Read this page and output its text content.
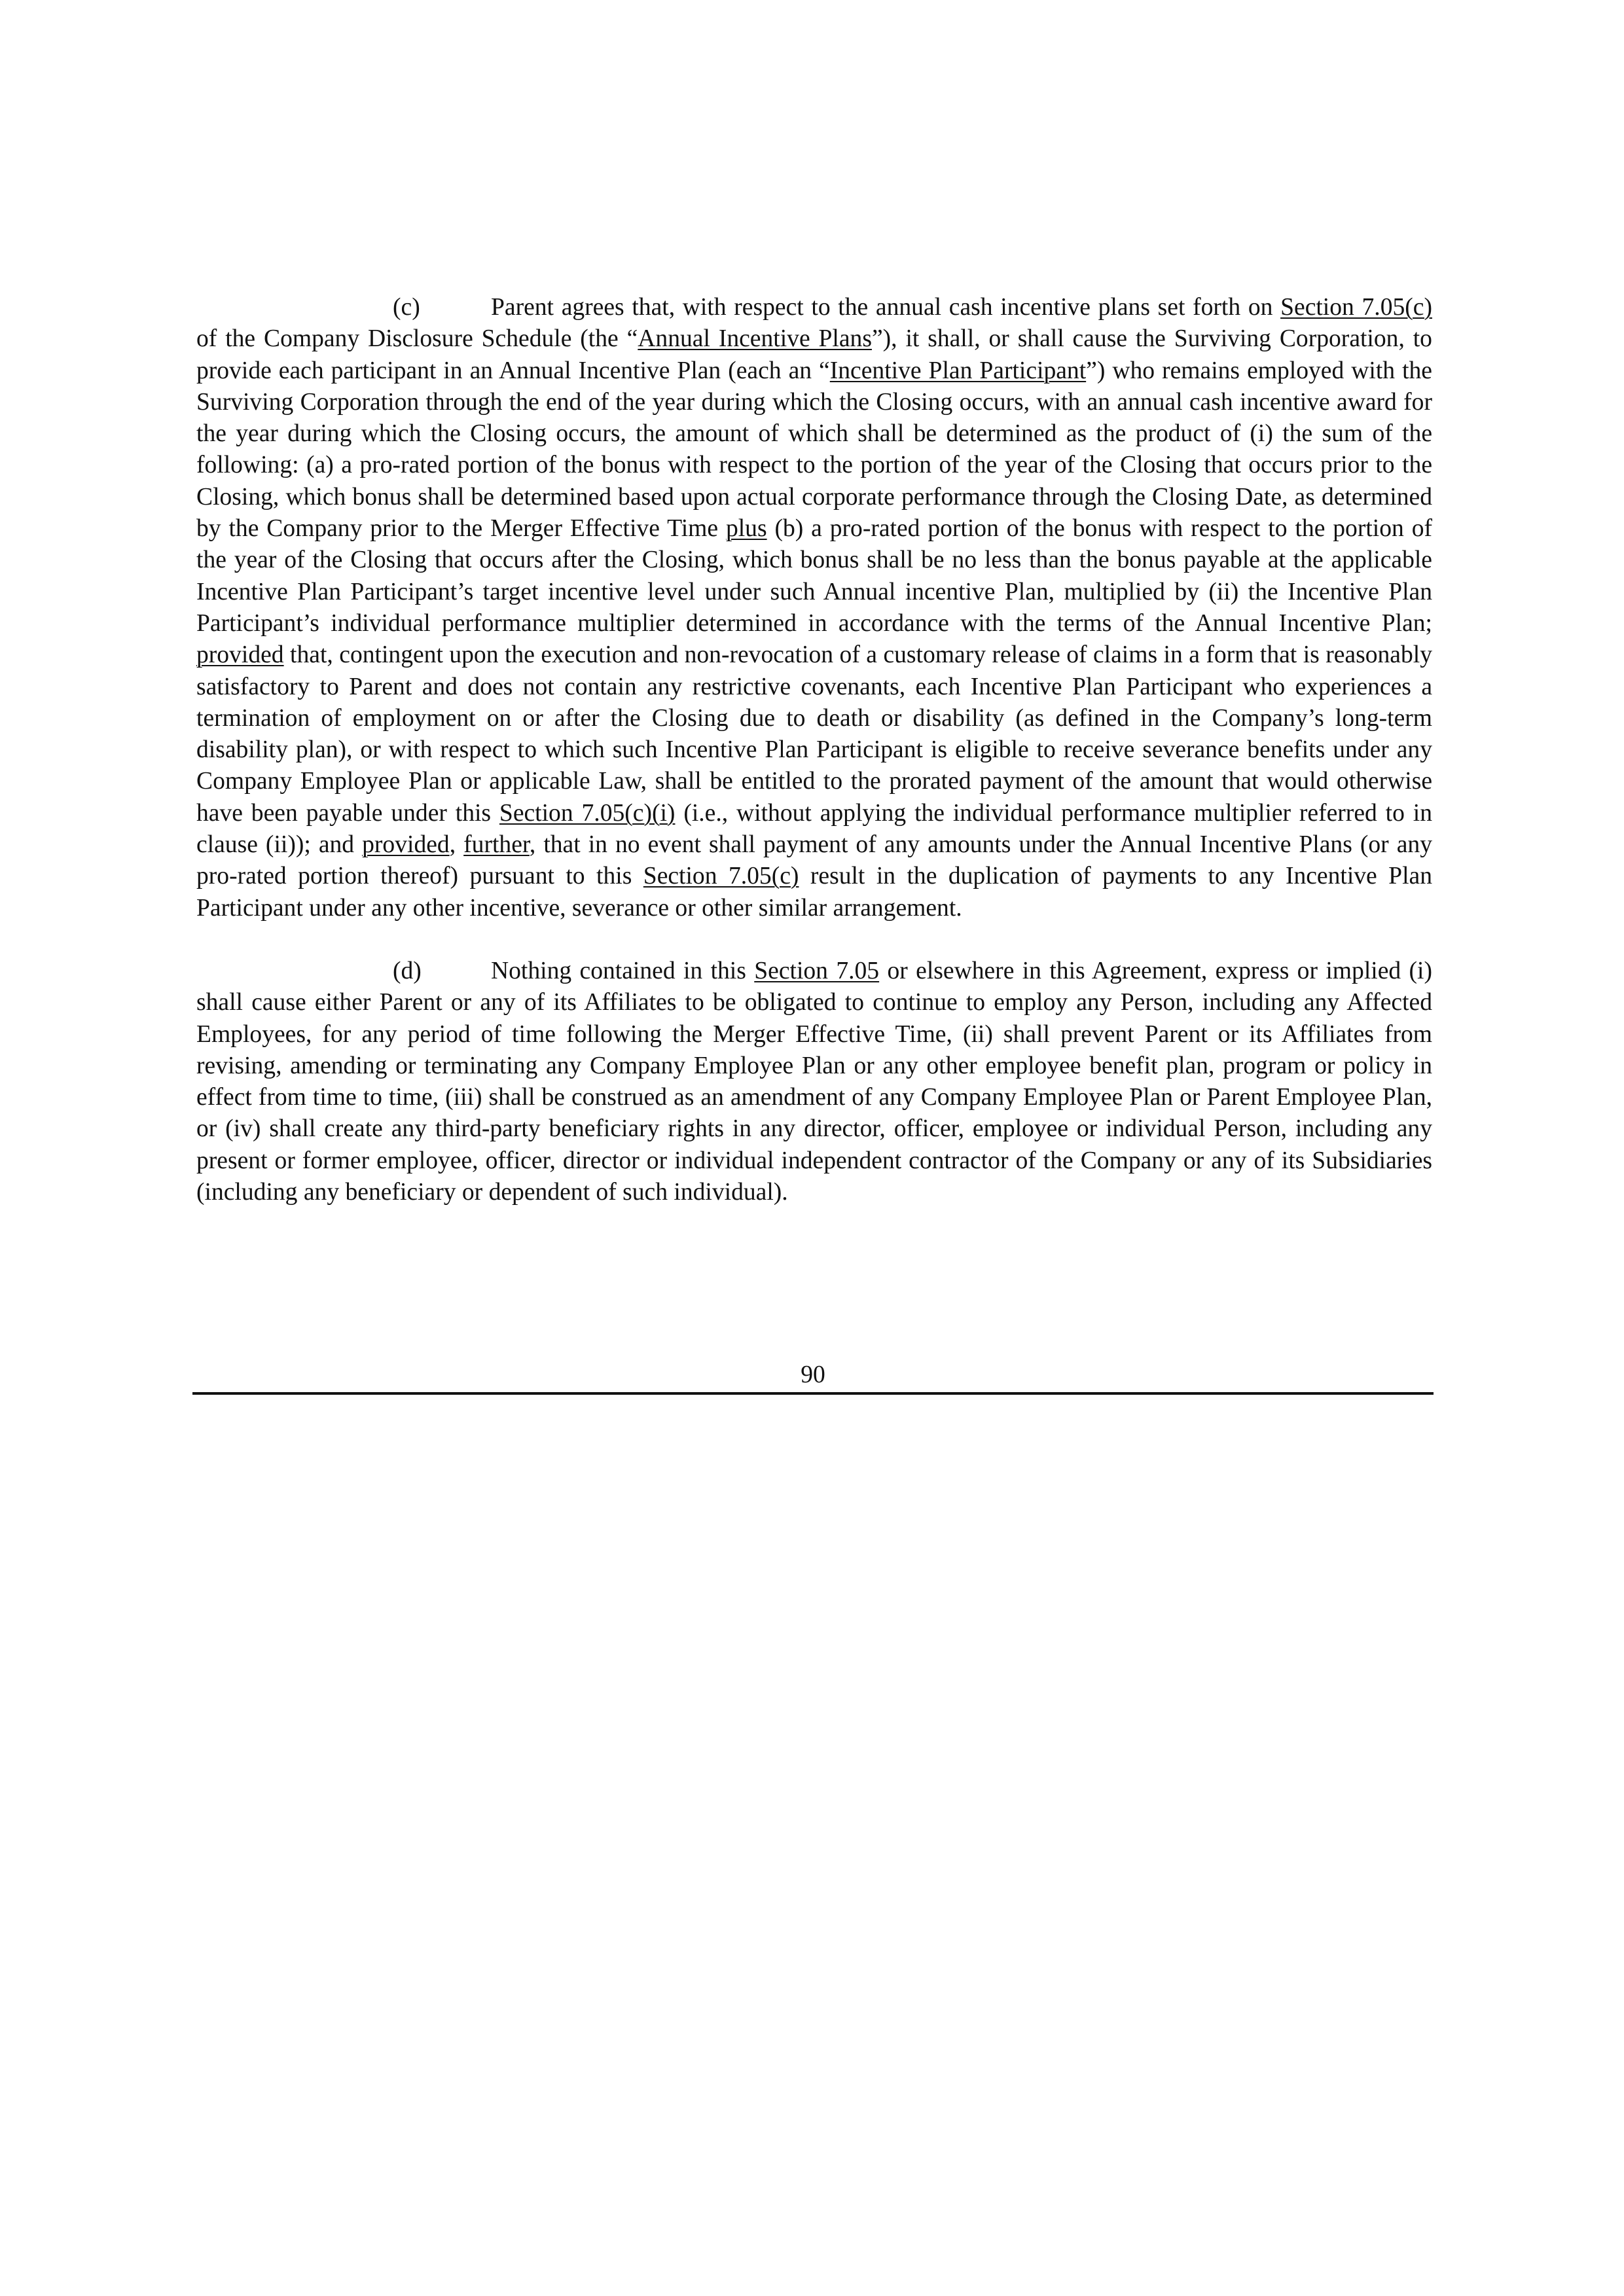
(c)	Parent agrees that, with respect to the annual cash incentive plans set forth on Section 7.05(c) of the Company Disclosure Schedule (the “Annual Incentive Plans”), it shall, or shall cause the Surviving Corporation, to provide each participant in an Annual Incentive Plan (each an “Incentive Plan Participant”) who remains employed with the Surviving Corporation through the end of the year during which the Closing occurs, with an annual cash incentive award for the year during which the Closing occurs, the amount of which shall be determined as the product of (i) the sum of the following: (a) a pro-rated portion of the bonus with respect to the portion of the year of the Closing that occurs prior to the Closing, which bonus shall be determined based upon actual corporate performance through the Closing Date, as determined by the Company prior to the Merger Effective Time plus (b) a pro-rated portion of the bonus with respect to the portion of the year of the Closing that occurs after the Closing, which bonus shall be no less than the bonus payable at the applicable Incentive Plan Participant’s target incentive level under such Annual incentive Plan, multiplied by (ii) the Incentive Plan Participant’s individual performance multiplier determined in accordance with the terms of the Annual Incentive Plan; provided that, contingent upon the execution and non-revocation of a customary release of claims in a form that is reasonably satisfactory to Parent and does not contain any restrictive covenants, each Incentive Plan Participant who experiences a termination of employment on or after the Closing due to death or disability (as defined in the Company’s long-term disability plan), or with respect to which such Incentive Plan Participant is eligible to receive severance benefits under any Company Employee Plan or applicable Law, shall be entitled to the prorated payment of the amount that would otherwise have been payable under this Section 7.05(c)(i) (i.e., without applying the individual performance multiplier referred to in clause (ii)); and provided, further, that in no event shall payment of any amounts under the Annual Incentive Plans (or any pro-rated portion thereof) pursuant to this Section 7.05(c) result in the duplication of payments to any Incentive Plan Participant under any other incentive, severance or other similar arrangement.

(d)	Nothing contained in this Section 7.05 or elsewhere in this Agreement, express or implied (i) shall cause either Parent or any of its Affiliates to be obligated to continue to employ any Person, including any Affected Employees, for any period of time following the Merger Effective Time, (ii) shall prevent Parent or its Affiliates from revising, amending or terminating any Company Employee Plan or any other employee benefit plan, program or policy in effect from time to time, (iii) shall be construed as an amendment of any Company Employee Plan or Parent Employee Plan, or (iv) shall create any third-party beneficiary rights in any director, officer, employee or individual Person, including any present or former employee, officer, director or individual independent contractor of the Company or any of its Subsidiaries (including any beneficiary or dependent of such individual).

90
